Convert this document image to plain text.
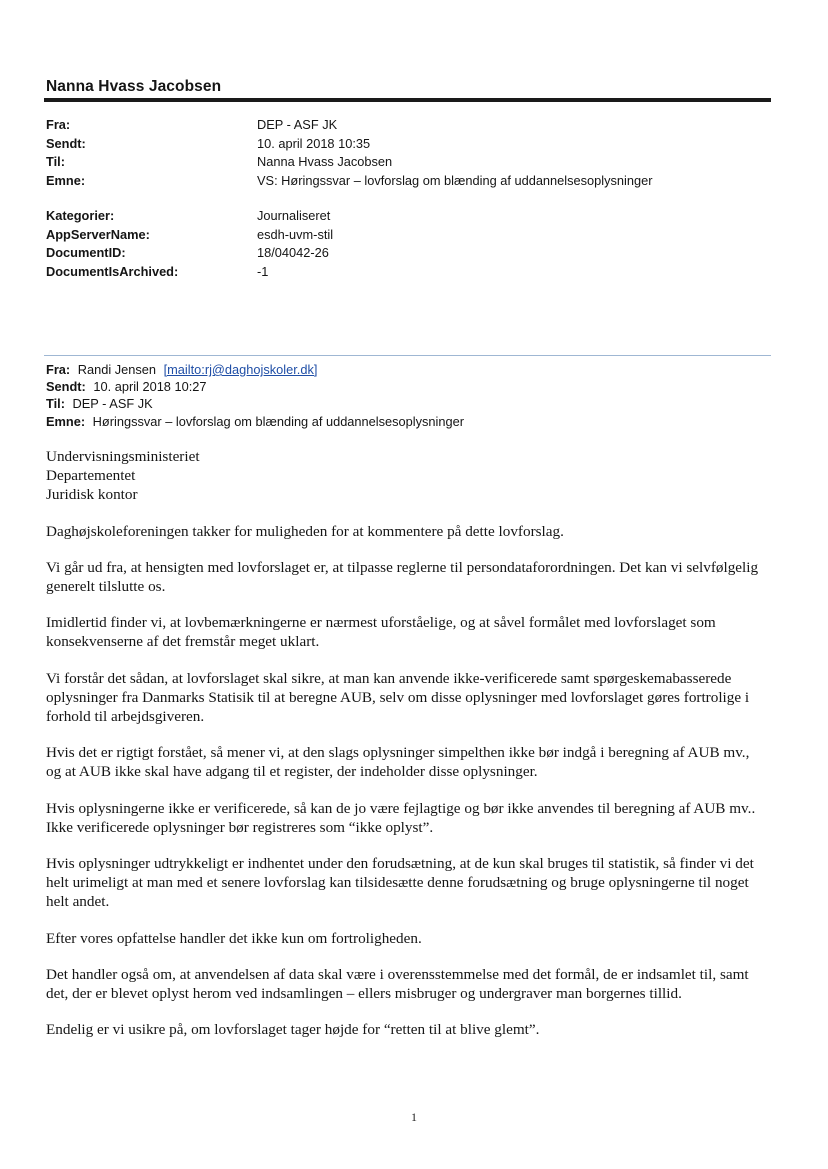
Nanna Hvass Jacobsen
Fra:	DEP - ASF JK
Sendt:	10. april 2018 10:35
Til:	Nanna Hvass Jacobsen
Emne:	VS: Høringssvar – lovforslag om blænding af uddannelsesoplysninger
Kategorier:	Journaliseret
AppServerName:	esdh-uvm-stil
DocumentID:	18/04042-26
DocumentIsArchived:	-1
Fra: Randi Jensen [mailto:rj@daghojskoler.dk]
Sendt: 10. april 2018 10:27
Til: DEP - ASF JK
Emne: Høringssvar – lovforslag om blænding af uddannelsesoplysninger

Undervisningsministeriet

Departementet

Juridisk kontor

Daghøjskoleforeningen takker for muligheden for at kommentere på dette lovforslag.

Vi går ud fra, at hensigten med lovforslaget er, at tilpasse reglerne til persondataforordningen. Det kan vi selvfølgelig generelt tilslutte os.

Imidlertid finder vi, at lovbemærkningerne er nærmest uforståelige, og at såvel formålet med lovforslaget som konsekvenserne af det fremstår meget uklart.

Vi forstår det sådan, at lovforslaget skal sikre, at man kan anvende ikke-verificerede samt spørgeskemabasserede oplysninger fra Danmarks Statisik til at beregne AUB, selv om disse oplysninger med lovforslaget gøres fortrolige i forhold til arbejdsgiveren.

Hvis det er rigtigt forstået, så mener vi, at den slags oplysninger simpelthen ikke bør indgå i beregning af AUB mv., og at AUB ikke skal have adgang til et register, der indeholder disse oplysninger.

Hvis oplysningerne ikke er verificerede, så kan de jo være fejlagtige og bør ikke anvendes til beregning af AUB mv.. Ikke verificerede oplysninger bør registreres som “ikke oplyst”.

Hvis oplysninger udtrykkeligt er indhentet under den forudsætning, at de kun skal bruges til statistik, så finder vi det helt urimeligt at man med et senere lovforslag kan tilsidesætte denne forudsætning og bruge oplysningerne til noget helt andet.

Efter vores opfattelse handler det ikke kun om fortroligheden.

Det handler også om, at anvendelsen af data skal være i overensstemmelse med det formål, de er indsamlet til, samt det, der er blevet oplyst herom ved indsamlingen – ellers misbruger og undergraver man borgernes tillid.

Endelig er vi usikre på, om lovforslaget tager højde for “retten til at blive glemt”.

1
